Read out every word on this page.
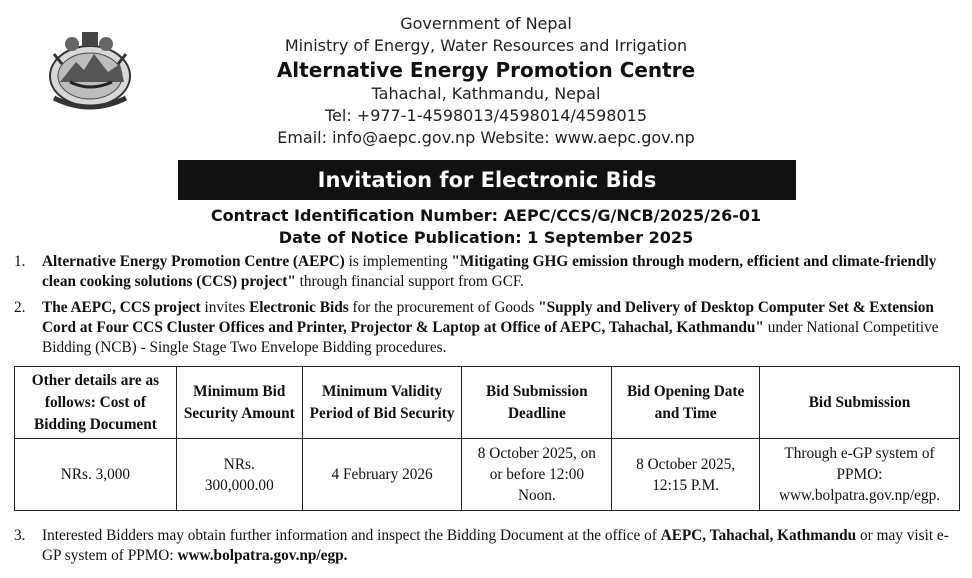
Government of Nepal
Ministry of Energy, Water Resources and Irrigation
Alternative Energy Promotion Centre
Tahachal, Kathmandu, Nepal
Tel: +977-1-4598013/4598014/4598015
Email: info@aepc.gov.np Website: www.aepc.gov.np
Invitation for Electronic Bids
Contract Identification Number: AEPC/CCS/G/NCB/2025/26-01
Date of Notice Publication: 1 September 2025
1. Alternative Energy Promotion Centre (AEPC) is implementing "Mitigating GHG emission through modern, efficient and climate-friendly clean cooking solutions (CCS) project" through financial support from GCF.
2. The AEPC, CCS project invites Electronic Bids for the procurement of Goods "Supply and Delivery of Desktop Computer Set & Extension Cord at Four CCS Cluster Offices and Printer, Projector & Laptop at Office of AEPC, Tahachal, Kathmandu" under National Competitive Bidding (NCB) - Single Stage Two Envelope Bidding procedures.
Other details are as follows: Cost of Bidding Document	Minimum Bid Security Amount	Minimum Validity Period of Bid Security	Bid Submission Deadline	Bid Opening Date and Time	Bid Submission
NRs. 3,000	NRs. 300,000.00	4 February 2026	8 October 2025, on or before 12:00 Noon.	8 October 2025, 12:15 P.M.	Through e-GP system of PPMO: www.bolpatra.gov.np/egp.
3. Interested Bidders may obtain further information and inspect the Bidding Document at the office of AEPC, Tahachal, Kathmandu or may visit e-GP system of PPMO: www.bolpatra.gov.np/egp.
